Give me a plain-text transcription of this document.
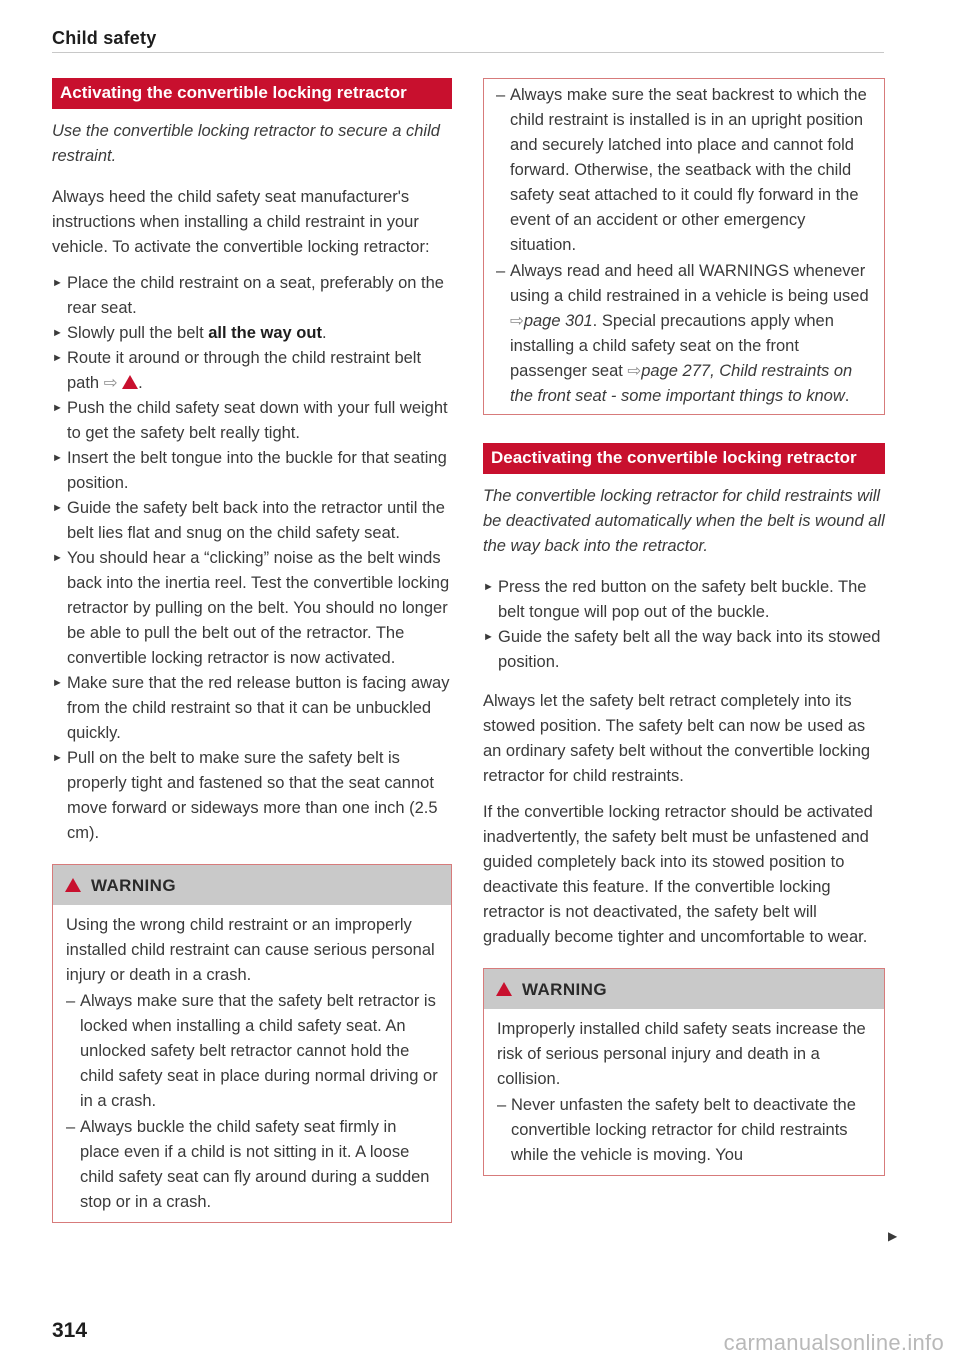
Child safety
Activating the convertible locking retractor

Use the convertible locking retractor to secure a child restraint.

Always heed the child safety seat manufacturer's instructions when installing a child restraint in your vehicle. To activate the convertible locking retractor:

► Place the child restraint on a seat, preferably on the rear seat.
► Slowly pull the belt all the way out.
► Route it around or through the child restraint belt path ⇨ .
► Push the child safety seat down with your full weight to get the safety belt really tight.
► Insert the belt tongue into the buckle for that seating position.
► Guide the safety belt back into the retractor until the belt lies flat and snug on the child safety seat.
► You should hear a “clicking” noise as the belt winds back into the inertia reel. Test the convertible locking retractor by pulling on the belt. You should no longer be able to pull the belt out of the retractor. The convertible locking retractor is now activated.
► Make sure that the red release button is facing away from the child restraint so that it can be unbuckled quickly.
► Pull on the belt to make sure the safety belt is properly tight and fastened so that the seat cannot move forward or sideways more than one inch (2.5 cm).
WARNING

Using the wrong child restraint or an improperly installed child restraint can cause serious personal injury or death in a crash.

– Always make sure that the safety belt retractor is locked when installing a child safety seat. An unlocked safety belt retractor cannot hold the child safety seat in place during normal driving or in a crash.
– Always buckle the child safety seat firmly in place even if a child is not sitting in it. A loose child safety seat can fly around during a sudden stop or in a crash.
– Always make sure the seat backrest to which the child restraint is installed is in an upright position and securely latched into place and cannot fold forward. Otherwise, the seatback with the child safety seat attached to it could fly forward in the event of an accident or other emergency situation.
– Always read and heed all WARNINGS whenever using a child restrained in a vehicle is being used ⇨page 301. Special precautions apply when installing a child safety seat on the front passenger seat ⇨page 277, Child restraints on the front seat - some important things to know.
Deactivating the convertible locking retractor

The convertible locking retractor for child restraints will be deactivated automatically when the belt is wound all the way back into the retractor.

► Press the red button on the safety belt buckle. The belt tongue will pop out of the buckle.
► Guide the safety belt all the way back into its stowed position.

Always let the safety belt retract completely into its stowed position. The safety belt can now be used as an ordinary safety belt without the convertible locking retractor for child restraints.

If the convertible locking retractor should be activated inadvertently, the safety belt must be unfastened and guided completely back into its stowed position to deactivate this feature. If the convertible locking retractor is not deactivated, the safety belt will gradually become tighter and uncomfortable to wear.

WARNING

Improperly installed child safety seats increase the risk of serious personal injury and death in a collision.

– Never unfasten the safety belt to deactivate the convertible locking retractor for child restraints while the vehicle is moving. You
▶
314	carmanualsonline.info
